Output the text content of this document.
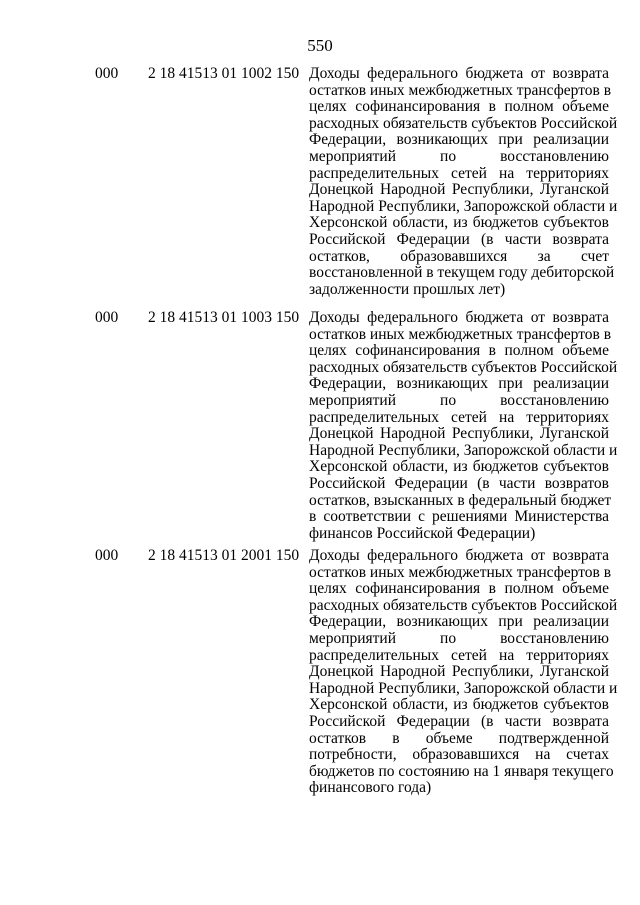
550
000 2 18 41513 01 1002 150 Доходы федерального бюджета от возврата
остатков иных межбюджетных трансфертов в
целях софинансирования в полном объеме
расходных обязательств субъектов Российской
Федерации, возникающих при реализации
мероприятий по восстановлению
распределительных сетей на территориях
Донецкой Народной Республики, Луганской
Народной Республики, Запорожской области и
Херсонской области, из бюджетов субъектов
Российской Федерации (в части возврата
остатков, образовавшихся за счет
восстановленной в текущем году дебиторской
задолженности прошлых лет)
000 2 18 41513 01 1003 150 Доходы федерального бюджета от возврата
остатков иных межбюджетных трансфертов в
целях софинансирования в полном объеме
расходных обязательств субъектов Российской
Федерации, возникающих при реализации
мероприятий по восстановлению
распределительных сетей на территориях
Донецкой Народной Республики, Луганской
Народной Республики, Запорожской области и
Херсонской области, из бюджетов субъектов
Российской Федерации (в части возвратов
остатков, взысканных в федеральный бюджет
в соответствии с решениями Министерства
финансов Российской Федерации)
000 2 18 41513 01 2001 150 Доходы федерального бюджета от возврата
остатков иных межбюджетных трансфертов в
целях софинансирования в полном объеме
расходных обязательств субъектов Российской
Федерации, возникающих при реализации
мероприятий по восстановлению
распределительных сетей на территориях
Донецкой Народной Республики, Луганской
Народной Республики, Запорожской области и
Херсонской области, из бюджетов субъектов
Российской Федерации (в части возврата
остатков в объеме подтвержденной
потребности, образовавшихся на счетах
бюджетов по состоянию на 1 января текущего
финансового года)
